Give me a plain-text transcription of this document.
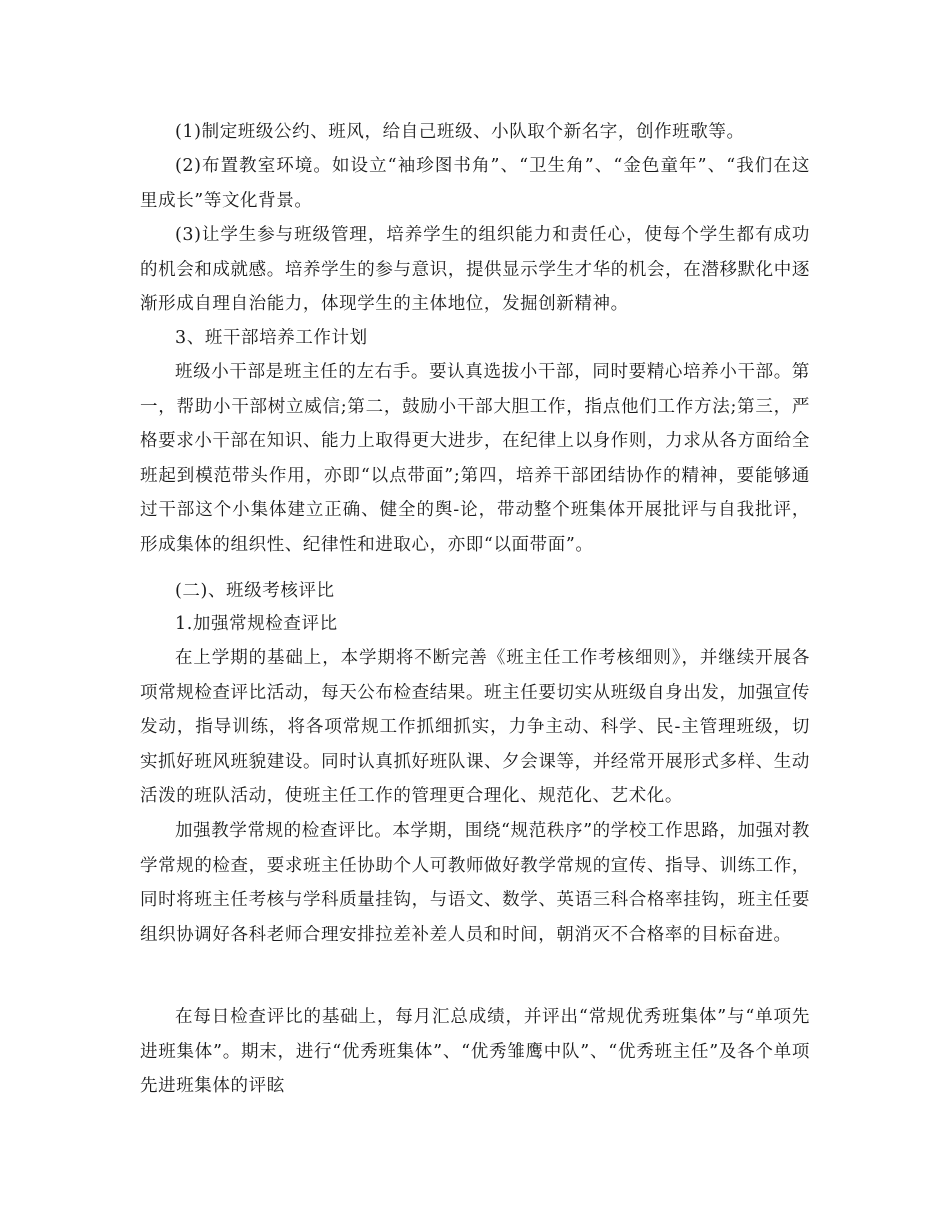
(1)制定班级公约、班风，给自己班级、小队取个新名字，创作班歌等。

(2)布置教室环境。如设立“袖珍图书角”、“卫生角”、“金色童年”、“我们在这里成长”等文化背景。

(3)让学生参与班级管理，培养学生的组织能力和责任心，使每个学生都有成功的机会和成就感。培养学生的参与意识，提供显示学生才华的机会，在潜移默化中逐渐形成自理自治能力，体现学生的主体地位，发掘创新精神。

3、班干部培养工作计划

班级小干部是班主任的左右手。要认真选拔小干部，同时要精心培养小干部。第一，帮助小干部树立威信;第二，鼓励小干部大胆工作，指点他们工作方法;第三，严格要求小干部在知识、能力上取得更大进步，在纪律上以身作则，力求从各方面给全班起到模范带头作用，亦即“以点带面”;第四，培养干部团结协作的精神，要能够通过干部这个小集体建立正确、健全的舆-论，带动整个班集体开展批评与自我批评，形成集体的组织性、纪律性和进取心，亦即“以面带面”。

(二)、班级考核评比

1.加强常规检查评比

在上学期的基础上，本学期将不断完善《班主任工作考核细则》，并继续开展各项常规检查评比活动，每天公布检查结果。班主任要切实从班级自身出发，加强宣传发动，指导训练，将各项常规工作抓细抓实，力争主动、科学、民-主管理班级，切实抓好班风班貌建设。同时认真抓好班队课、夕会课等，并经常开展形式多样、生动活泼的班队活动，使班主任工作的管理更合理化、规范化、艺术化。

加强教学常规的检查评比。本学期，围绕“规范秩序”的学校工作思路，加强对教学常规的检查，要求班主任协助个人可教师做好教学常规的宣传、指导、训练工作，同时将班主任考核与学科质量挂钩，与语文、数学、英语三科合格率挂钩，班主任要组织协调好各科老师合理安排拉差补差人员和时间，朝消灭不合格率的目标奋进。

在每日检查评比的基础上，每月汇总成绩，并评出“常规优秀班集体”与“单项先进班集体”。期末，进行“优秀班集体”、“优秀雏鹰中队”、“优秀班主任”及各个单项先进班集体的评眩
